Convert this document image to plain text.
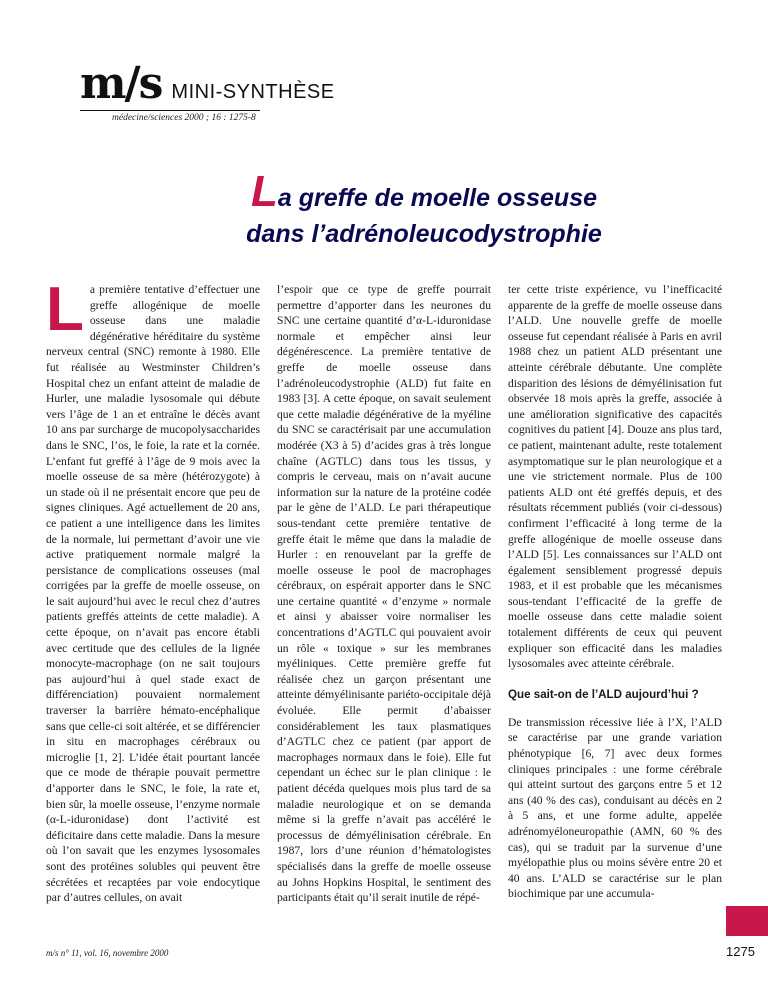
m/s MINI-SYNTHÈSE
médecine/sciences 2000 ; 16 : 1275-8
La greffe de moelle osseuse
dans l’adrénoleucodystrophie

La première tentative d’effectuer une greffe allogénique de moelle osseuse dans une maladie dégénérative héréditaire du système nerveux central (SNC) remonte à 1980. Elle fut réalisée au Westminster Children’s Hospital chez un enfant atteint de maladie de Hurler, une maladie lysosomale qui débute vers l’âge de 1 an et entraîne le décès avant 10 ans par surcharge de mucopolysaccharides dans le SNC, l’os, le foie, la rate et la cornée. L’enfant fut greffé à l’âge de 9 mois avec la moelle osseuse de sa mère (hétérozygote) à un stade où il ne présentait encore que peu de signes cliniques. Agé actuellement de 20 ans, ce patient a une intelligence dans les limites de la normale, lui permettant d’avoir une vie active pratiquement normale malgré la persistance de complications osseuses (mal corrigées par la greffe de moelle osseuse, on le sait aujourd’hui avec le recul chez d’autres patients greffés atteints de cette maladie). A cette époque, on n’avait pas encore établi avec certitude que des cellules de la lignée monocyte-macrophage (on ne sait toujours pas aujourd’hui à quel stade exact de différenciation) pouvaient normalement traverser la barrière hémato-encéphalique sans que celle-ci soit altérée, et se différencier in situ en macrophages cérébraux ou microglie [1, 2]. L’idée était pourtant lancée que ce mode de thérapie pouvait permettre d’apporter dans le SNC, le foie, la rate et, bien sûr, la moelle osseuse, l’enzyme normale (α-L-iduronidase) dont l’activité est déficitaire dans cette maladie. Dans la mesure où l’on savait que les enzymes lysosomales sont des protéines solubles qui peuvent être sécrétées et recaptées par voie endocytique par d’autres cellules, on avait

l’espoir que ce type de greffe pourrait permettre d’apporter dans les neurones du SNC une certaine quantité d’α-L-iduronidase normale et empêcher ainsi leur dégénérescence. La première tentative de greffe de moelle osseuse dans l’adrénoleucodystrophie (ALD) fut faite en 1983 [3]. A cette époque, on savait seulement que cette maladie dégénérative de la myéline du SNC se caractérisait par une accumulation modérée (X3 à 5) d’acides gras à très longue chaîne (AGTLC) dans tous les tissus, y compris le cerveau, mais on n’avait aucune information sur la nature de la protéine codée par le gène de l’ALD. Le pari thérapeutique sous-tendant cette première tentative de greffe était le même que dans la maladie de Hurler : en renouvelant par la greffe de moelle osseuse le pool de macrophages cérébraux, on espérait apporter dans le SNC une certaine quantité « d’enzyme » normale et ainsi y abaisser voire normaliser les concentrations d’AGTLC qui pouvaient avoir un rôle « toxique » sur les membranes myéliniques. Cette première greffe fut réalisée chez un garçon présentant une atteinte démyélinisante pariéto-occipitale déjà évoluée. Elle permit d’abaisser considérablement les taux plasmatiques d’AGTLC chez ce patient (par apport de macrophages normaux dans le foie). Elle fut cependant un échec sur le plan clinique : le patient décéda quelques mois plus tard de sa maladie neurologique et on se demanda même si la greffe n’avait pas accéléré le processus de démyélinisation cérébrale. En 1987, lors d’une réunion d’hématologistes spécialisés dans la greffe de moelle osseuse au Johns Hopkins Hospital, le sentiment des participants était qu’il serait inutile de répé-

ter cette triste expérience, vu l’inefficacité apparente de la greffe de moelle osseuse dans l’ALD. Une nouvelle greffe de moelle osseuse fut cependant réalisée à Paris en avril 1988 chez un patient ALD présentant une atteinte cérébrale débutante. Une complète disparition des lésions de démyélinisation fut observée 18 mois après la greffe, associée à une amélioration significative des capacités cognitives du patient [4]. Douze ans plus tard, ce patient, maintenant adulte, reste totalement asymptomatique sur le plan neurologique et a une vie strictement normale. Plus de 100 patients ALD ont été greffés depuis, et des résultats récemment publiés (voir ci-dessous) confirment l’efficacité à long terme de la greffe allogénique de moelle osseuse dans l’ALD [5]. Les connaissances sur l’ALD ont également sensiblement progressé depuis 1983, et il est probable que les mécanismes sous-tendant l’efficacité de la greffe de moelle osseuse dans cette maladie soient totalement différents de ceux qui peuvent expliquer son efficacité dans les maladies lysosomales avec atteinte cérébrale.

Que sait-on de l’ALD aujourd’hui ?

De transmission récessive liée à l’X, l’ALD se caractérise par une grande variation phénotypique [6, 7] avec deux formes cliniques principales : une forme cérébrale qui atteint surtout des garçons entre 5 et 12 ans (40 % des cas), conduisant au décès en 2 à 5 ans, et une forme adulte, appelée adrénomyéloneuropathie (AMN, 60 % des cas), qui se traduit par la survenue d’une myélopathie plus ou moins sévère entre 20 et 40 ans. L’ALD se caractérise sur le plan biochimique par une accumula-

m/s n° 11, vol. 16, novembre 2000	1275
